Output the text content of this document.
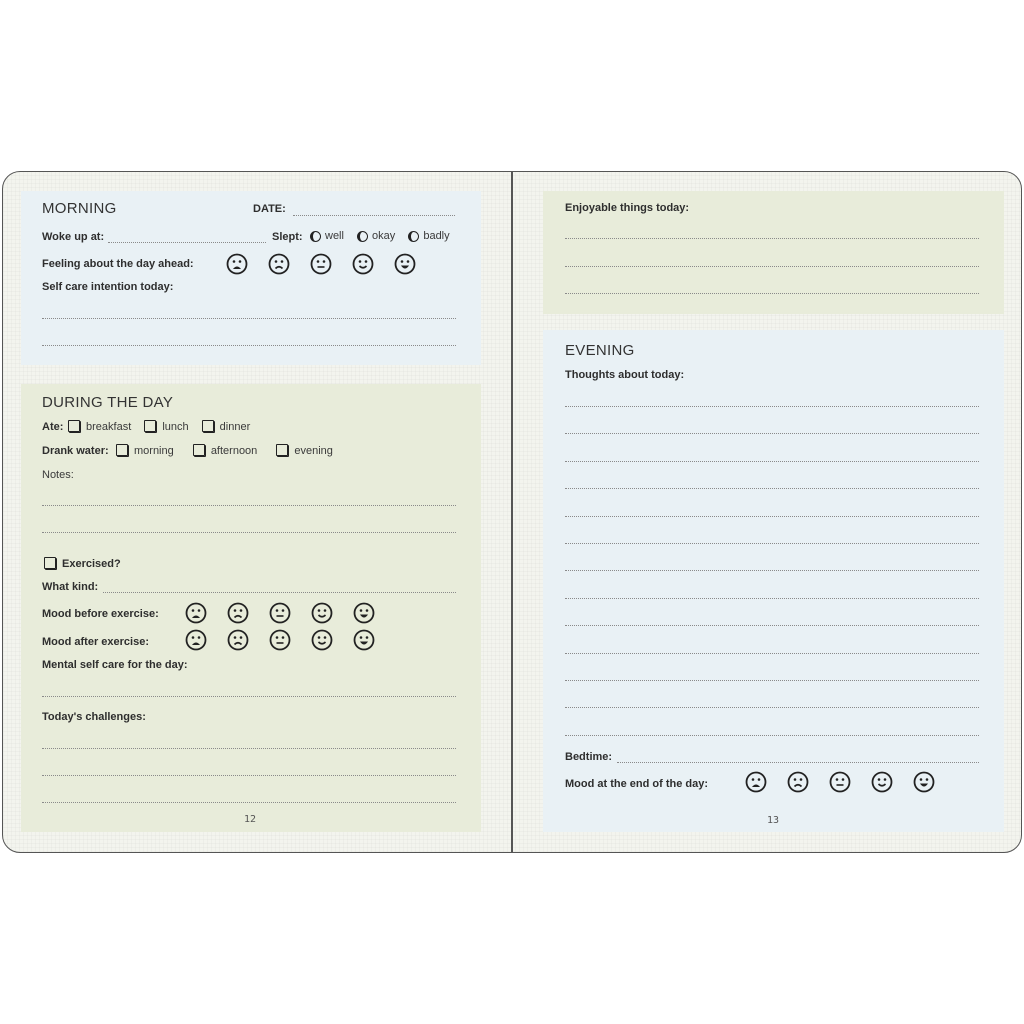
MORNING	DATE:
Woke up at:	Slept:	well	okay	badly
Feeling about the day ahead:
Self care intention today:
DURING THE DAY
Ate:	breakfast	lunch	dinner
Drank water:	morning	afternoon	evening
Notes:
Exercised?
What kind:
Mood before exercise:
Mood after exercise:
Mental self care for the day:
Today's challenges:
12
Enjoyable things today:
EVENING
Thoughts about today:
Bedtime:
Mood at the end of the day:
13
